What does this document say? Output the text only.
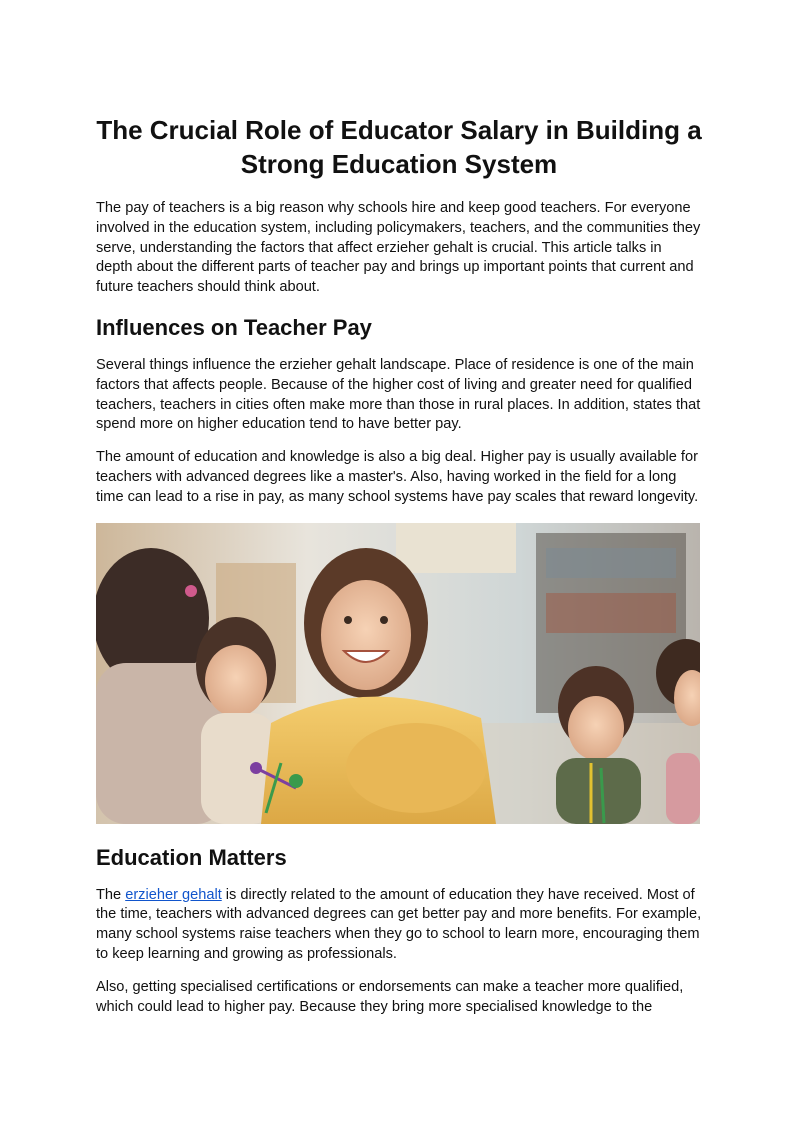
The Crucial Role of Educator Salary in Building a Strong Education System

The pay of teachers is a big reason why schools hire and keep good teachers. For everyone involved in the education system, including policymakers, teachers, and the communities they serve, understanding the factors that affect erzieher gehalt is crucial. This article talks in depth about the different parts of teacher pay and brings up important points that current and future teachers should think about.

Influences on Teacher Pay

Several things influence the erzieher gehalt landscape. Place of residence is one of the main factors that affects people. Because of the higher cost of living and greater need for qualified teachers, teachers in cities often make more than those in rural places. In addition, states that spend more on higher education tend to have better pay.

The amount of education and knowledge is also a big deal. Higher pay is usually available for teachers with advanced degrees like a master's. Also, having worked in the field for a long time can lead to a rise in pay, as many school systems have pay scales that reward longevity.

Education Matters

The erzieher gehalt is directly related to the amount of education they have received. Most of the time, teachers with advanced degrees can get better pay and more benefits. For example, many school systems raise teachers when they go to school to learn more, encouraging them to keep learning and growing as professionals.

Also, getting specialised certifications or endorsements can make a teacher more qualified, which could lead to higher pay. Because they bring more specialised knowledge to the
